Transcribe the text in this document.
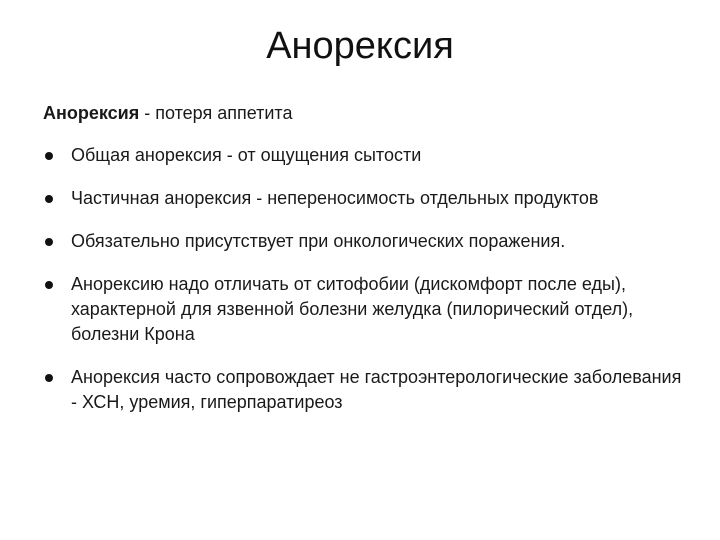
Анорексия

Анорексия - потеря аппетита

Общая анорексия - от ощущения сытости
Частичная анорексия - непереносимость отдельных продуктов
Обязательно присутствует при онкологических поражения.
Анорексию надо отличать от ситофобии (дискомфорт после еды), характерной для язвенной болезни желудка (пилорический отдел), болезни Крона
Анорексия часто сопровождает не гастроэнтерологические заболевания - ХСН, уремия, гиперпаратиреоз
